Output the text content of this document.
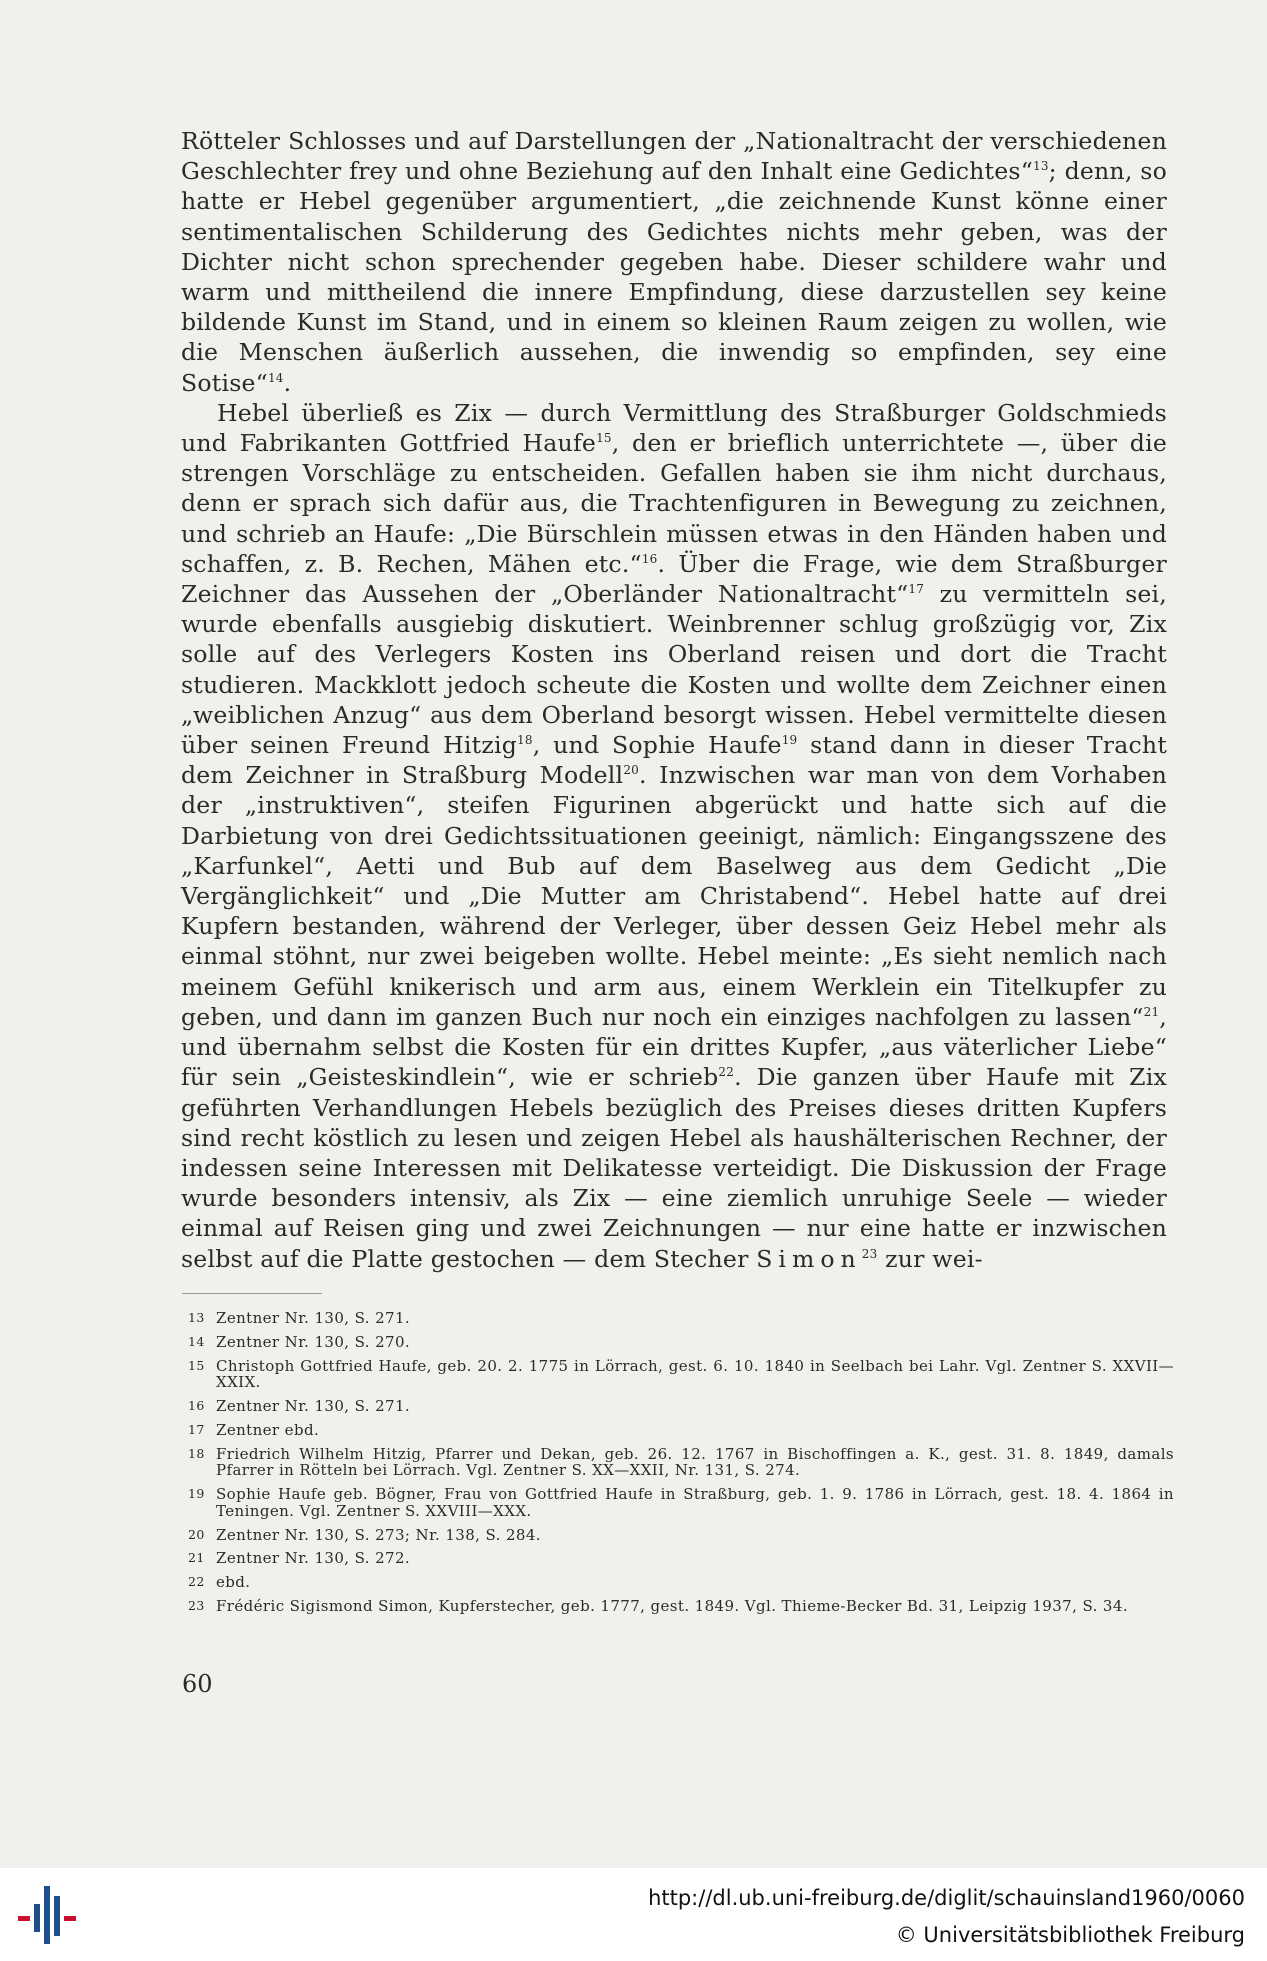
Rötteler Schlosses und auf Darstellungen der „Nationaltracht der verschiedenen Geschlechter frey und ohne Beziehung auf den Inhalt eine Gedichtes“$^{13}$; denn, so hatte er Hebel gegenüber argumentiert, „die zeichnende Kunst könne einer sentimentalischen Schilderung des Gedichtes nichts mehr geben, was der Dichter nicht schon sprechender gegeben habe. Dieser schildere wahr und warm und mittheilend die innere Empfindung, diese darzustellen sey keine bildende Kunst im Stand, und in einem so kleinen Raum zeigen zu wollen, wie die Menschen äußerlich aussehen, die inwendig so empfinden, sey eine Sotise“$^{14}$.

Hebel überließ es Zix — durch Vermittlung des Straßburger Goldschmieds und Fabrikanten Gottfried Haufe$^{15}$, den er brieflich unterrichtete —, über die strengen Vorschläge zu entscheiden. Gefallen haben sie ihm nicht durchaus, denn er sprach sich dafür aus, die Trachtenfiguren in Bewegung zu zeichnen, und schrieb an Haufe: „Die Bürschlein müssen etwas in den Händen haben und schaffen, z. B. Rechen, Mähen etc.“$^{16}$. Über die Frage, wie dem Straßburger Zeichner das Aussehen der „Oberländer Nationaltracht“$^{17}$ zu vermitteln sei, wurde ebenfalls ausgiebig diskutiert. Weinbrenner schlug großzügig vor, Zix solle auf des Verlegers Kosten ins Oberland reisen und dort die Tracht studieren. Mackklott jedoch scheute die Kosten und wollte dem Zeichner einen „weiblichen Anzug“ aus dem Oberland besorgt wissen. Hebel vermittelte diesen über seinen Freund Hitzig$^{18}$, und Sophie Haufe$^{19}$ stand dann in dieser Tracht dem Zeichner in Straßburg Modell$^{20}$. Inzwischen war man von dem Vorhaben der „instruktiven“, steifen Figurinen abgerückt und hatte sich auf die Darbietung von drei Gedichtssituationen geeinigt, nämlich: Eingangsszene des „Karfunkel“, Aetti und Bub auf dem Baselweg aus dem Gedicht „Die Vergänglichkeit“ und „Die Mutter am Christabend“. Hebel hatte auf drei Kupfern bestanden, während der Verleger, über dessen Geiz Hebel mehr als einmal stöhnt, nur zwei beigeben wollte. Hebel meinte: „Es sieht nemlich nach meinem Gefühl knikerisch und arm aus, einem Werklein ein Titelkupfer zu geben, und dann im ganzen Buch nur noch ein einziges nachfolgen zu lassen“$^{21}$, und übernahm selbst die Kosten für ein drittes Kupfer, „aus väterlicher Liebe“ für sein „Geisteskindlein“, wie er schrieb$^{22}$. Die ganzen über Haufe mit Zix geführten Verhandlungen Hebels bezüglich des Preises dieses dritten Kupfers sind recht köstlich zu lesen und zeigen Hebel als haushälterischen Rechner, der indessen seine Interessen mit Delikatesse verteidigt. Die Diskussion der Frage wurde besonders intensiv, als Zix — eine ziemlich unruhige Seele — wieder einmal auf Reisen ging und zwei Zeichnungen — nur eine hatte er inzwischen selbst auf die Platte gestochen — dem Stecher Simon$^{23}$ zur wei-

13 Zentner Nr. 130, S. 271.
14 Zentner Nr. 130, S. 270.
15 Christoph Gottfried Haufe, geb. 20. 2. 1775 in Lörrach, gest. 6. 10. 1840 in Seelbach bei Lahr. Vgl. Zentner S. XXVII—XXIX.
16 Zentner Nr. 130, S. 271.
17 Zentner ebd.
18 Friedrich Wilhelm Hitzig, Pfarrer und Dekan, geb. 26. 12. 1767 in Bischoffingen a. K., gest. 31. 8. 1849, damals Pfarrer in Rötteln bei Lörrach. Vgl. Zentner S. XX—XXII, Nr. 131, S. 274.
19 Sophie Haufe geb. Bögner, Frau von Gottfried Haufe in Straßburg, geb. 1. 9. 1786 in Lörrach, gest. 18. 4. 1864 in Teningen. Vgl. Zentner S. XXVIII—XXX.
20 Zentner Nr. 130, S. 273; Nr. 138, S. 284.
21 Zentner Nr. 130, S. 272.
22 ebd.
23 Frédéric Sigismond Simon, Kupferstecher, geb. 1777, gest. 1849. Vgl. Thieme-Becker Bd. 31, Leipzig 1937, S. 34.
60
http://dl.ub.uni-freiburg.de/diglit/schauinsland1960/0060
© Universitätsbibliothek Freiburg
